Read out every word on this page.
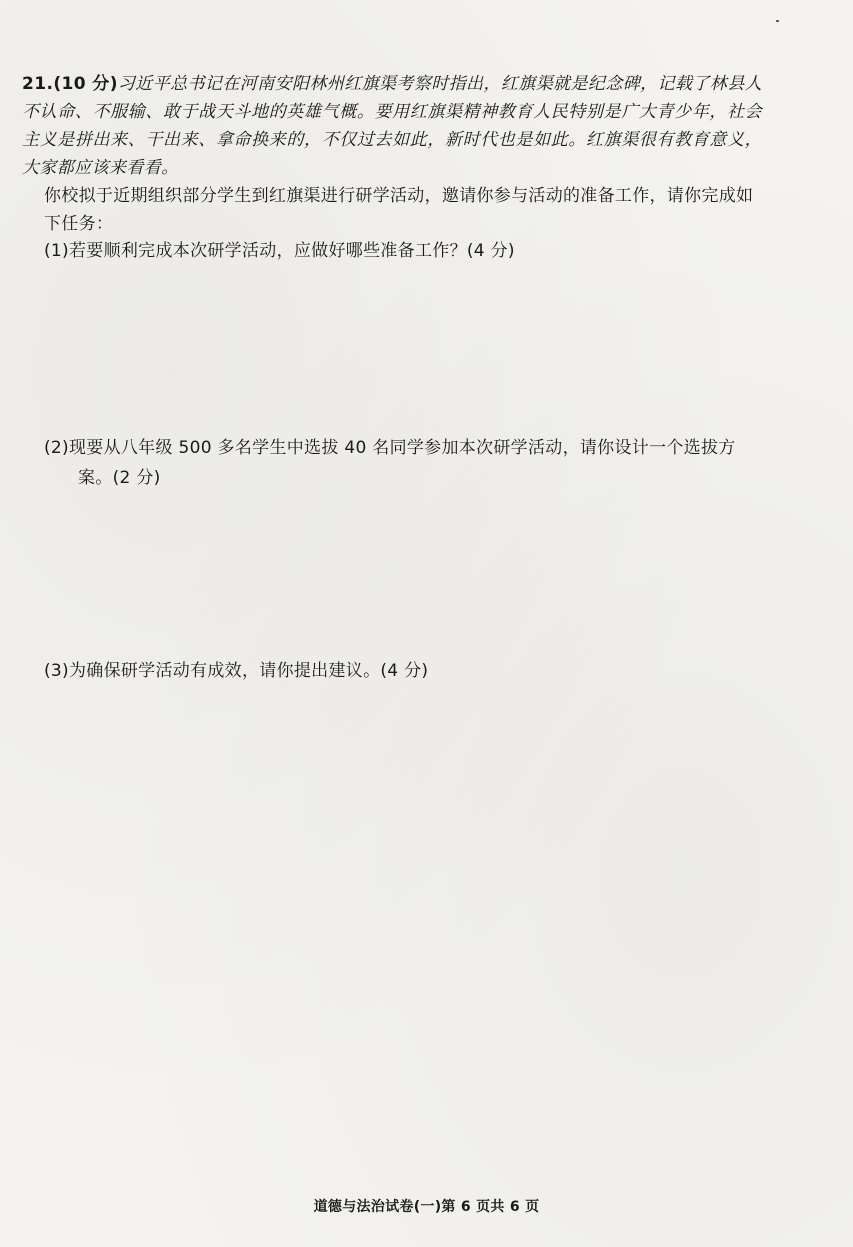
21.(10 分)习近平总书记在河南安阳林州红旗渠考察时指出，红旗渠就是纪念碑，记载了林县人不认命、不服输、敢于战天斗地的英雄气概。要用红旗渠精神教育人民特别是广大青少年，社会主义是拼出来、干出来、拿命换来的，不仅过去如此，新时代也是如此。红旗渠很有教育意义，大家都应该来看看。

你校拟于近期组织部分学生到红旗渠进行研学活动，邀请你参与活动的准备工作，请你完成如下任务：

(1)若要顺利完成本次研学活动，应做好哪些准备工作？(4 分)

(2)现要从八年级 500 多名学生中选拔 40 名同学参加本次研学活动，请你设计一个选拔方案。(2 分)

(3)为确保研学活动有成效，请你提出建议。(4 分)

道德与法治试卷(一)第 6 页共 6 页
